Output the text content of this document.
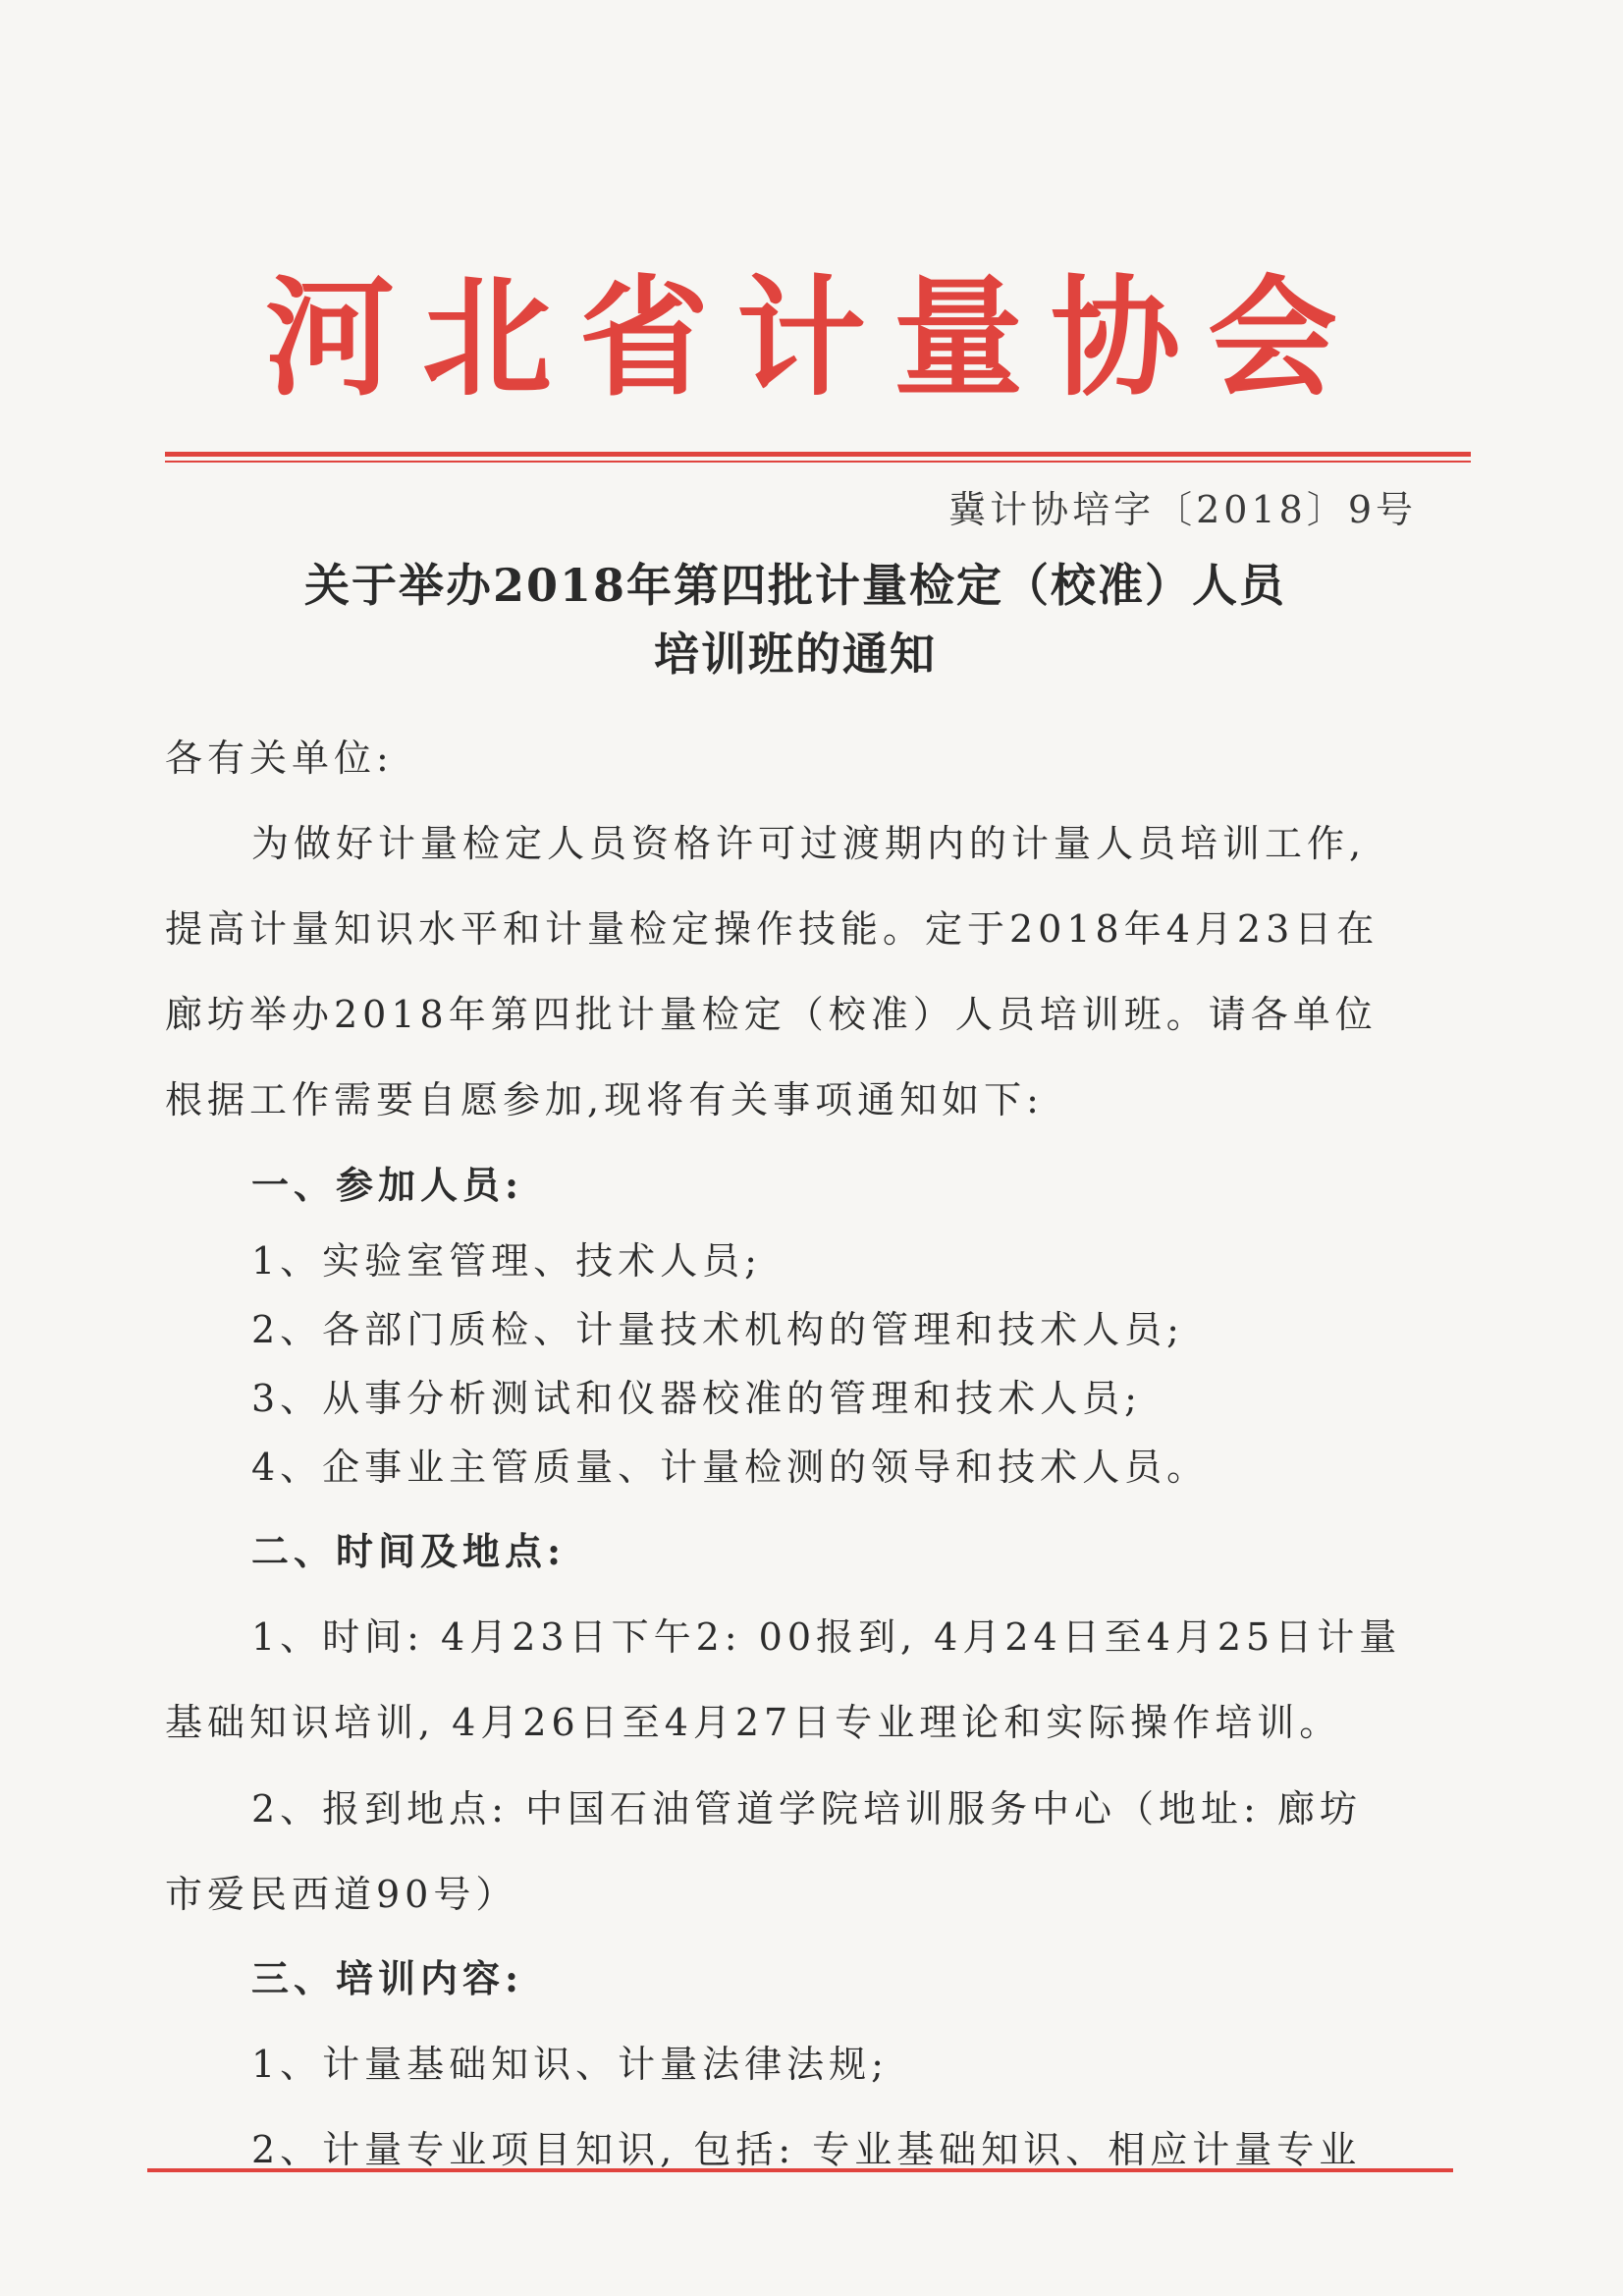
河北省计量协会
冀计协培字〔2018〕9号
关于举办2018年第四批计量检定（校准）人员
培训班的通知
各有关单位:
为做好计量检定人员资格许可过渡期内的计量人员培训工作,
提高计量知识水平和计量检定操作技能。定于2018年4月23日在
廊坊举办2018年第四批计量检定（校准）人员培训班。请各单位
根据工作需要自愿参加,现将有关事项通知如下:
一、参加人员:
1、实验室管理、技术人员;
2、各部门质检、计量技术机构的管理和技术人员;
3、从事分析测试和仪器校准的管理和技术人员;
4、企事业主管质量、计量检测的领导和技术人员。
二、时间及地点:
1、时间: 4月23日下午2: 00报到, 4月24日至4月25日计量
基础知识培训, 4月26日至4月27日专业理论和实际操作培训。
2、报到地点: 中国石油管道学院培训服务中心（地址: 廊坊
市爱民西道90号）
三、培训内容:
1、计量基础知识、计量法律法规;
2、计量专业项目知识, 包括: 专业基础知识、相应计量专业
